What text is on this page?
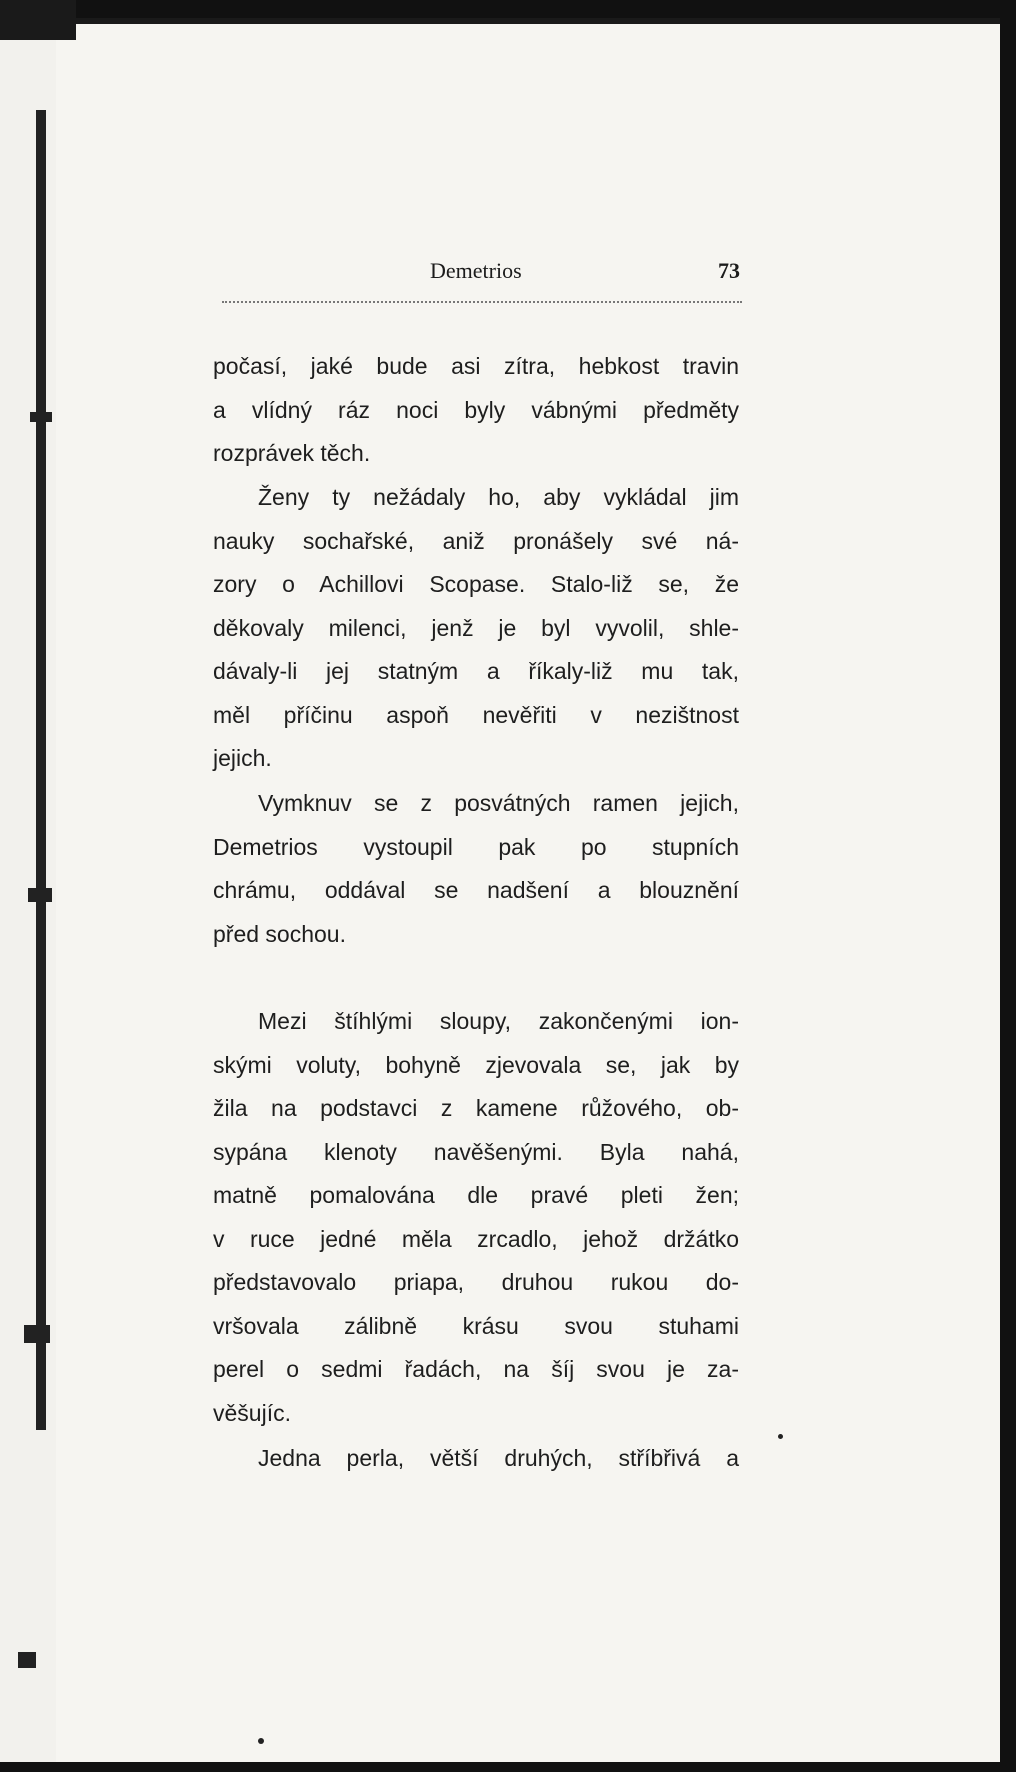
Demetrios	73
počasí, jaké bude asi zítra, hebkost travin
a vlídný ráz noci byly vábnými předměty
rozprávek těch.
Ženy ty nežádaly ho, aby vykládal jim
nauky sochařské, aniž pronášely své ná-
zory o Achillovi Scopase. Stalo-liž se, že
děkovaly milenci, jenž je byl vyvolil, shle-
dávaly-li jej statným a říkaly-liž mu tak,
měl příčinu aspoň nevěřiti v nezištnost
jejich.
Vymknuv se z posvátných ramen jejich,
Demetrios vystoupil pak po stupních
chrámu, oddával se nadšení a blouznění
před sochou.
Mezi štíhlými sloupy, zakončenými ion-
skými voluty, bohyně zjevovala se, jak by
žila na podstavci z kamene růžového, ob-
sypána klenoty navěšenými. Byla nahá,
matně pomalována dle pravé pleti žen;
v ruce jedné měla zrcadlo, jehož držátko
představovalo priapa, druhou rukou do-
vršovala zálibně krásu svou stuhami
perel o sedmi řadách, na šíj svou je za-
věšujíc.
Jedna perla, větší druhých, stříbřivá a
